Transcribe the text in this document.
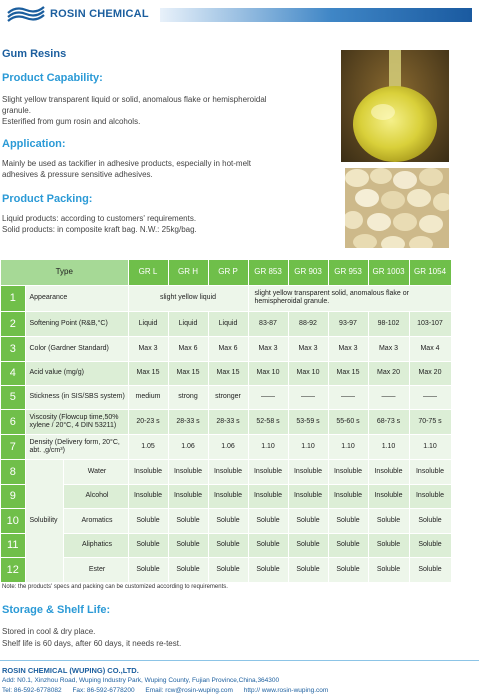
ROSIN CHEMICAL
Gum Resins
Product Capability:
Slight yellow transparent liquid or solid, anomalous flake or hemispheroidal
granule.
Esterified from gum rosin and alcohols.
Application:
Mainly be used as tackifier in adhesive products, especially in hot-melt
adhesives & pressure sensitive adhesives.
Product Packing:
Liquid products: according to customers' requirements.
Solid products: in composite kraft bag. N.W.: 25kg/bag.
Type		GR L	GR H	GR P	GR 853	GR 903	GR 953	GR 1003	GR 1054
1	Appearance	slight yellow liquid			slight yellow transparent solid, anomalous flake or hemispheroidal granule.				
2	Softening Point (R&B,°C)		Liquid	Liquid	Liquid	83-87	88-92	93-97	98-102	103-107
3	Color (Gardner Standard)		Max 3	Max 6	Max 6	Max 3	Max 3	Max 3	Max 3	Max 4
4	Acid value (mg/g)		Max 15	Max 15	Max 15	Max 10	Max 10	Max 15	Max 20	Max 20
5	Stickness (in SIS/SBS system)		medium	strong	stronger	——	——	——	——	——
6	Viscosity (Flowcup time,50% xylene / 20°C, 4 DIN 53211)		20-23 s	28-33 s	28-33 s	52-58 s	53-59 s	55-60 s	68-73 s	70-75 s
7	Density (Delivery form, 20°C, abt. ,g/cm³)		1.05	1.06	1.06	1.10	1.10	1.10	1.10	1.10
8	Solubility	Water	Insoluble	Insoluble	Insoluble	Insoluble	Insoluble	Insoluble	Insoluble	Insoluble
9		Alcohol	Insoluble	Insoluble	Insoluble	Insoluble	Insoluble	Insoluble	Insoluble	Insoluble
10		Aromatics	Soluble	Soluble	Soluble	Soluble	Soluble	Soluble	Soluble	Soluble
11		Aliphatics	Soluble	Soluble	Soluble	Soluble	Soluble	Soluble	Soluble	Soluble
12		Ester	Soluble	Soluble	Soluble	Soluble	Soluble	Soluble	Soluble	Soluble
Note: the products' specs and packing can be customized according to requirements.
Storage & Shelf Life:
Stored in cool & dry place.
Shelf life is 60 days, after 60 days, it needs re-test.
ROSIN CHEMICAL (WUPING) CO.,LTD.
Add: N0.1, Xinzhou Road, Wuping Industry Park, Wuping County, Fujian Province,China,364300
Tel: 86-592-6778082 Fax: 86-592-6778200 Email: rcw@rosin-wuping.com http:// www.rosin-wuping.com
